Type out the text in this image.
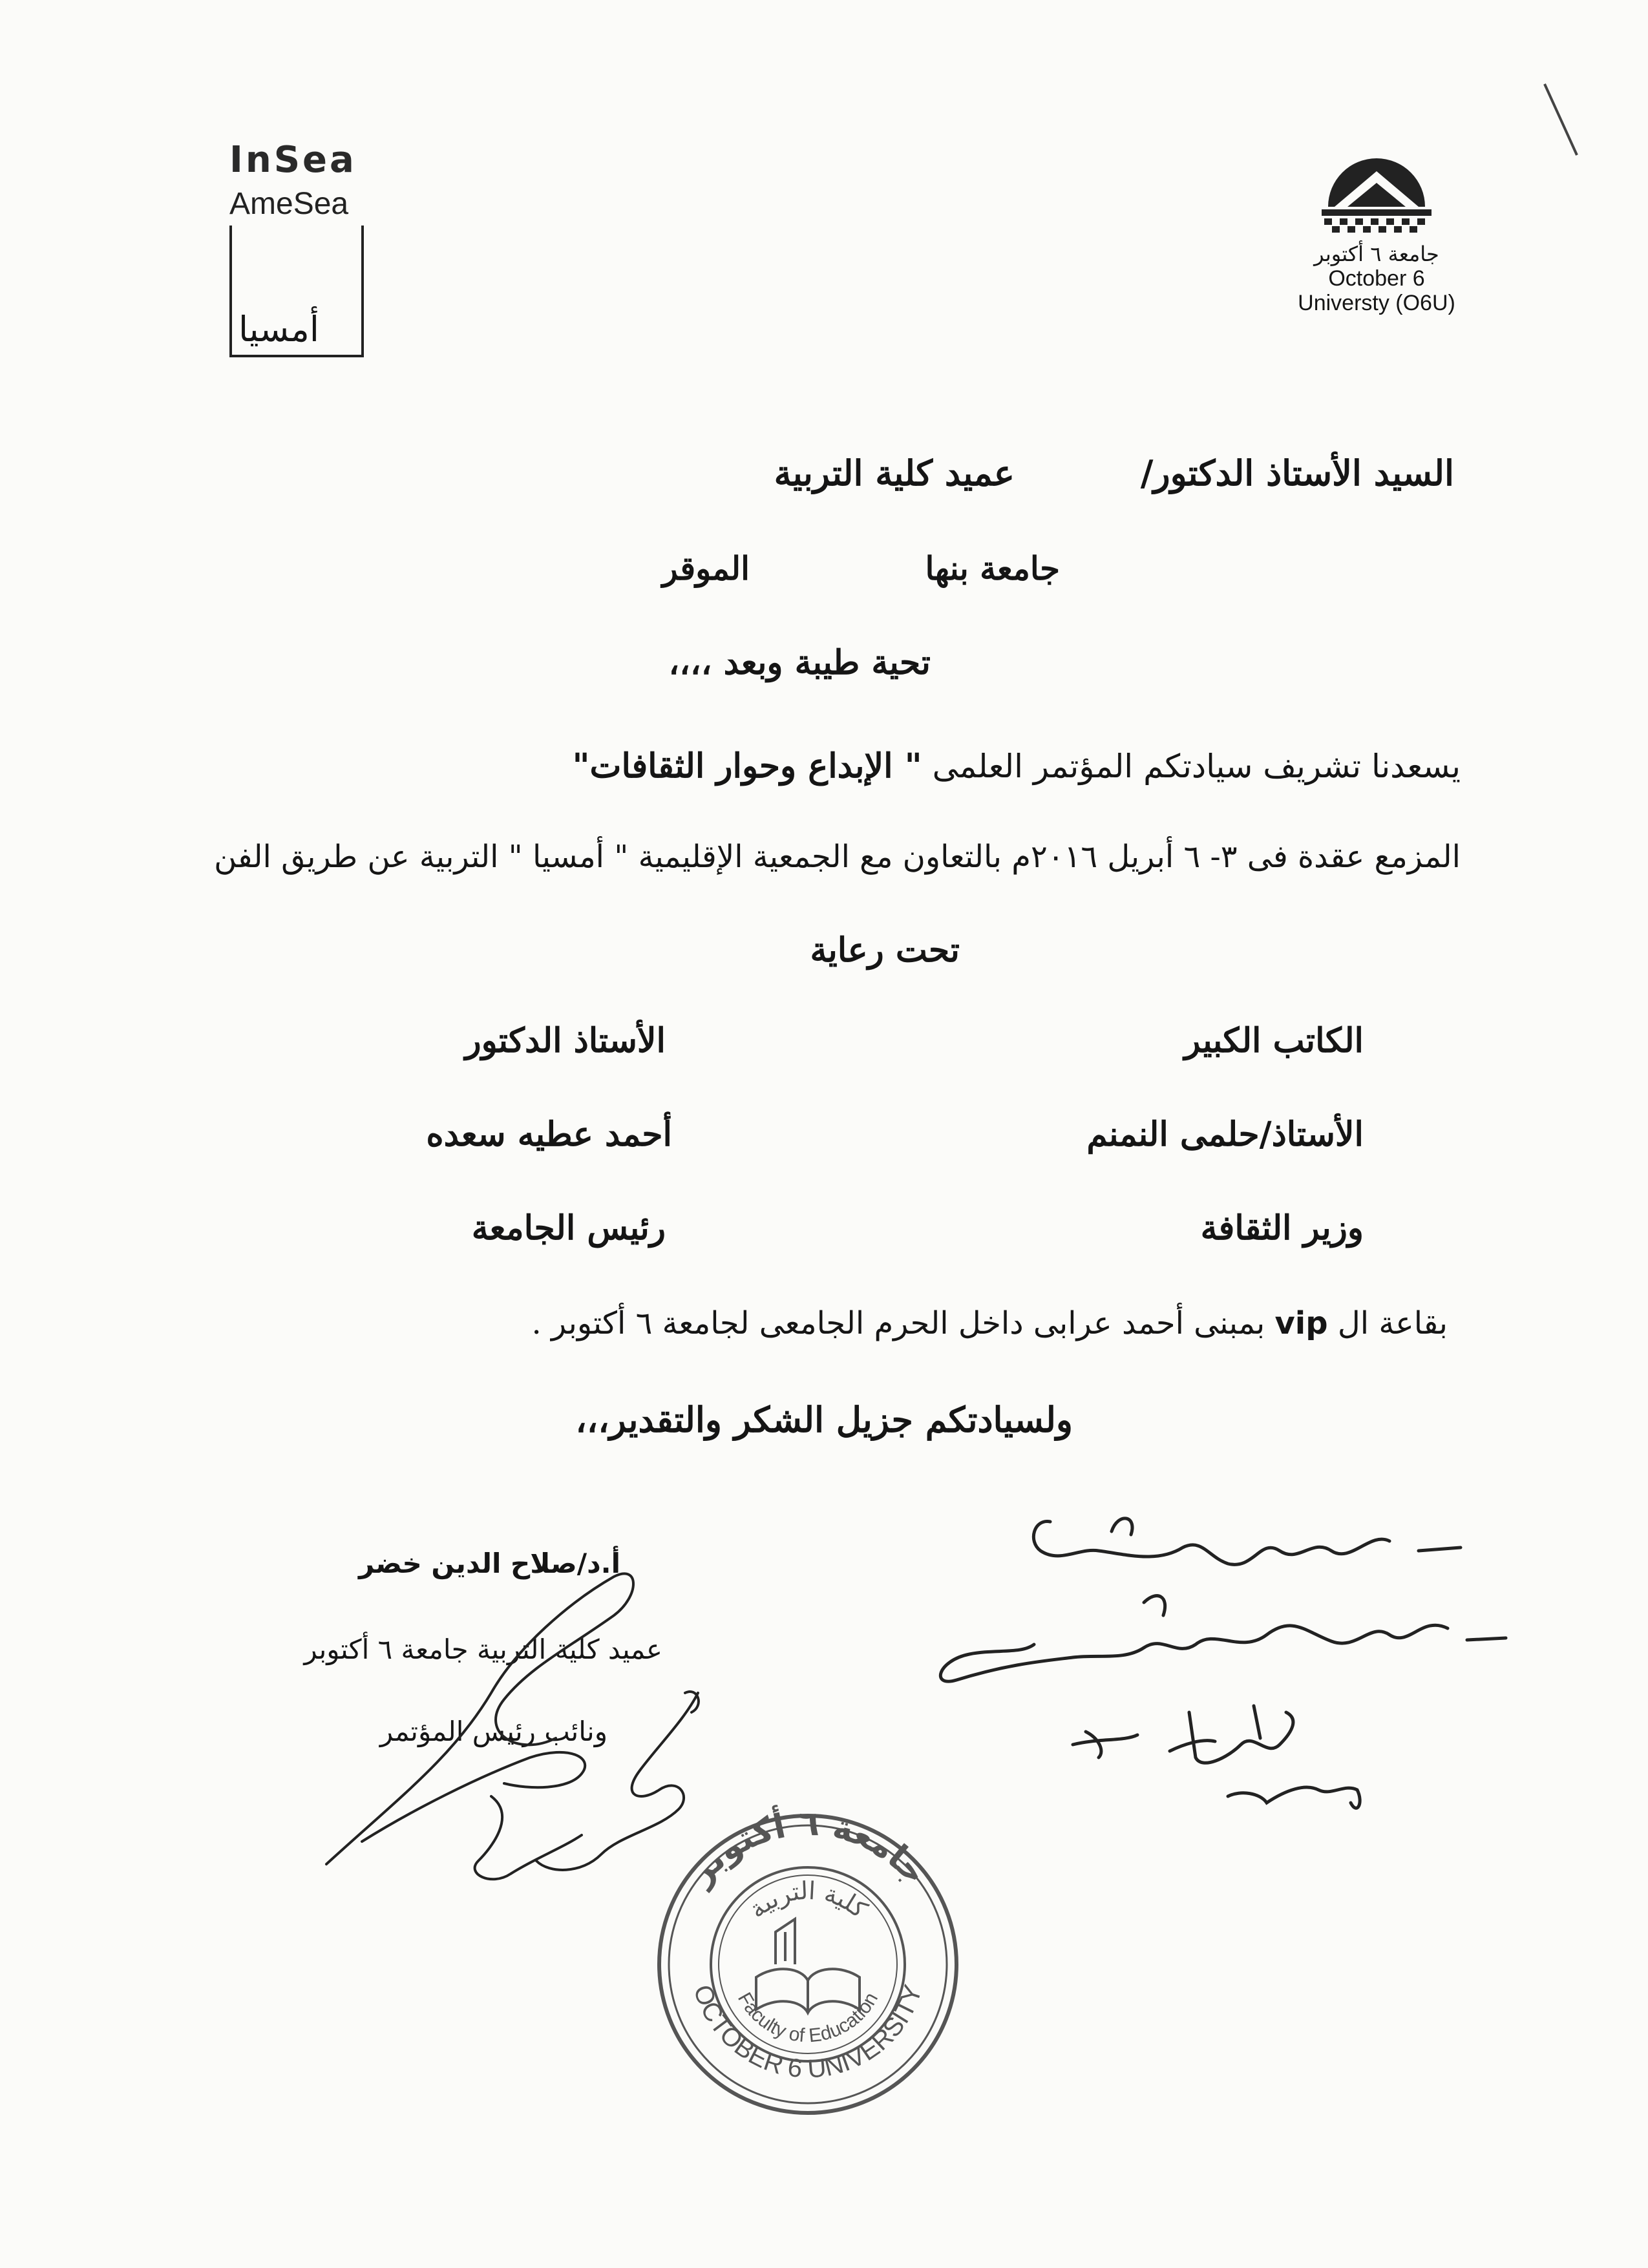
InSea
AmeSea
أمسيا
جامعة ٦ أكتوبر
October 6
Universty (O6U)
السيد الأستاذ الدكتور/
عميد كلية التربية
جامعة بنها
الموقر
تحية طيبة وبعد ،،،،
يسعدنا تشريف سيادتكم المؤتمر العلمى " الإبداع وحوار الثقافات"
المزمع عقدة فى ٣- ٦ أبريل ٢٠١٦م بالتعاون مع الجمعية الإقليمية " أمسيا " التربية عن طريق الفن
تحت رعاية
الكاتب الكبير
الأستاذ/حلمى النمنم
وزير الثقافة
الأستاذ الدكتور
أحمد عطيه سعده
رئيس الجامعة
بقاعة ال vip بمبنى أحمد عرابى داخل الحرم الجامعى لجامعة ٦ أكتوبر .
ولسيادتكم جزيل الشكر والتقدير،،،
أ.د/صلاح الدين خضر
عميد كلية التربية جامعة ٦ أكتوبر
ونائب رئيس المؤتمر
جامعة ٦ أكتوبر
كلية التربية
OCTOBER 6 UNIVERSITY
Faculty of Education
